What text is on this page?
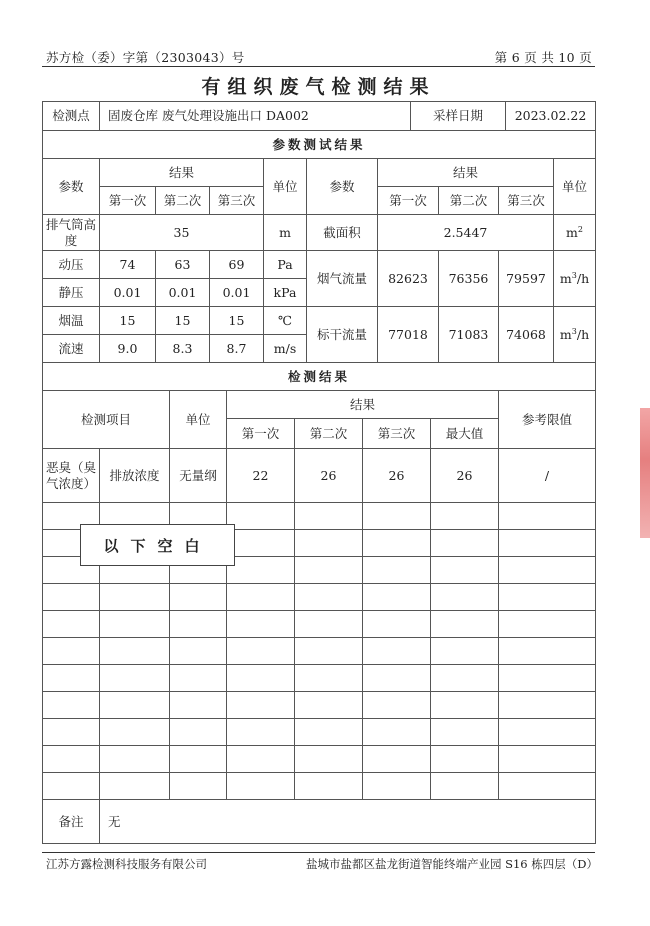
苏方检（委）字第（2303043）号	第 6 页 共 10 页
有组织废气检测结果
检测点	固废仓库 废气处理设施出口 DA002	采样日期	2023.02.22
参数测试结果									
参数	结果			单位	参数	结果			单位
	第一次	第二次	第三次			第一次	第二次	第三次	
排气筒高度	35			m	截面积	2.5447			$m^2$
动压	74	63	69	Pa	烟气流量	82623	76356	79597	$m^3/h$
静压	0.01	0.01	0.01	kPa					
烟温	15	15	15	℃	标干流量	77018	71083	74068	$m^3/h$
流速	9.0	8.3	8.7	m/s					
检测结果							
检测项目		单位	结果				参考限值
			第一次	第二次	第三次	最大值	
恶臭（臭气浓度）	排放浓度	无量纲	22	26	26	26	/

备注	无						
以下空白
江苏方露检测科技服务有限公司	盐城市盐都区盐龙街道智能终端产业园 S16 栋四层（D）
